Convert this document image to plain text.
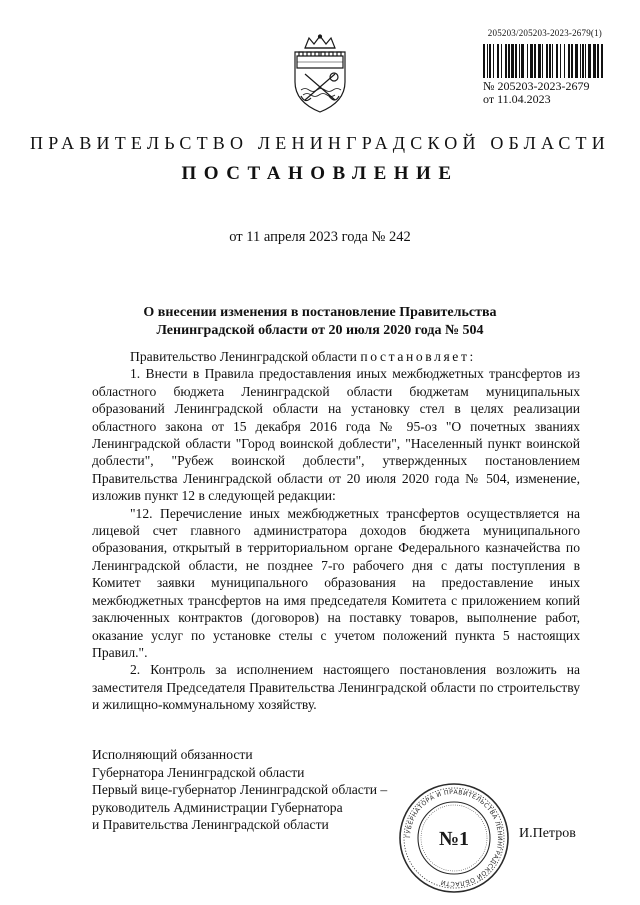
205203/205203-2023-2679(1)
№ 205203-2023-2679
от 11.04.2023
ПРАВИТЕЛЬСТВО ЛЕНИНГРАДСКОЙ ОБЛАСТИ
ПОСТАНОВЛЕНИЕ
от 11 апреля 2023 года № 242
О внесении изменения в постановление Правительства
Ленинградской области от 20 июля 2020 года № 504

Правительство Ленинградской области постановляет:

1. Внести в Правила предоставления иных межбюджетных трансфертов из областного бюджета Ленинградской области бюджетам муниципальных образований Ленинградской области на установку стел в целях реализации областного закона от 15 декабря 2016 года № 95-оз "О почетных званиях Ленинградской области "Город воинской доблести", "Населенный пункт воинской доблести", "Рубеж воинской доблести", утвержденных постановлением Правительства Ленинградской области от 20 июля 2020 года № 504, изменение, изложив пункт 12 в следующей редакции:

"12. Перечисление иных межбюджетных трансфертов осуществляется на лицевой счет главного администратора доходов бюджета муниципального образования, открытый в территориальном органе Федерального казначейства по Ленинградской области, не позднее 7-го рабочего дня с даты поступления в Комитет заявки муниципального образования на предоставление иных межбюджетных трансфертов на имя председателя Комитета с приложением копий заключенных контрактов (договоров) на поставку товаров, выполнение работ, оказание услуг по установке стелы с учетом положений пункта 5 настоящих Правил.".

2. Контроль за исполнением настоящего постановления возложить на заместителя Председателя Правительства Ленинградской области по строительству и жилищно-коммунальному хозяйству.

Исполняющий обязанности
Губернатора Ленинградской области
Первый вице-губернатор Ленинградской области –
руководитель Администрации Губернатора
и Правительства Ленинградской области
ГУБЕРНАТОРА И ПРАВИТЕЛЬСТВА ЛЕНИНГРАДСКОЙ ОБЛАСТИ
№1	И.Петров
